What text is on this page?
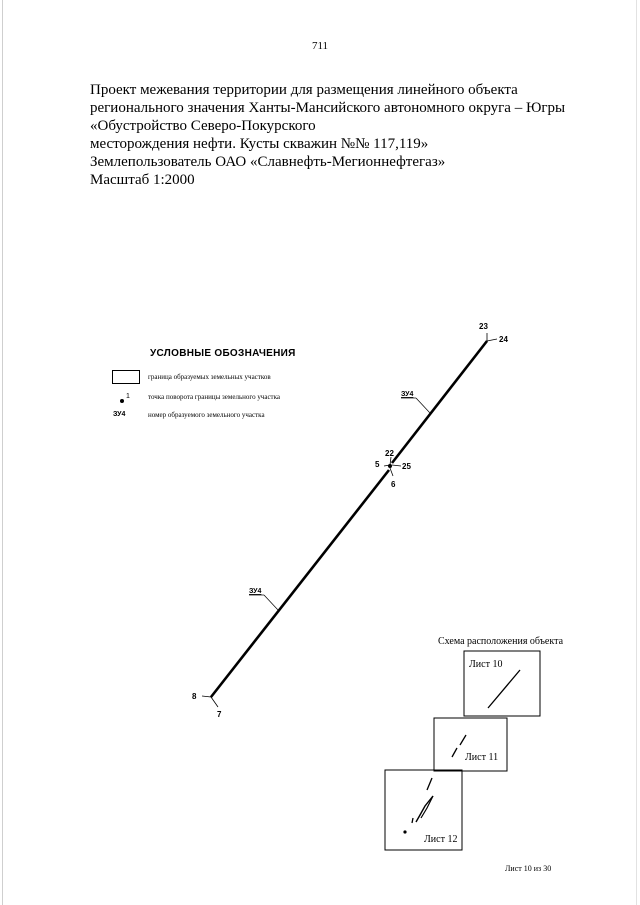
711
Проект межевания территории для размещения линейного объекта
регионального значения Ханты-Мансийского автономного округа – Югры
«Обустройство Северо-Покурского
месторождения нефти. Кусты скважин №№ 117,119»
Землепользователь ОАО «Славнефть-Мегионнефтегаз»
Масштаб 1:2000
УСЛОВНЫЕ ОБОЗНАЧЕНИЯ
граница образуемых земельных участков
1	точка поворота границы земельного участка
ЗУ4	номер образуемого земельного участка
23
24
22
5	25
6
8
7
ЗУ4
ЗУ4
Лист 10
Лист 11
Лист 12
Схема расположения объекта
Лист 10 из 30
